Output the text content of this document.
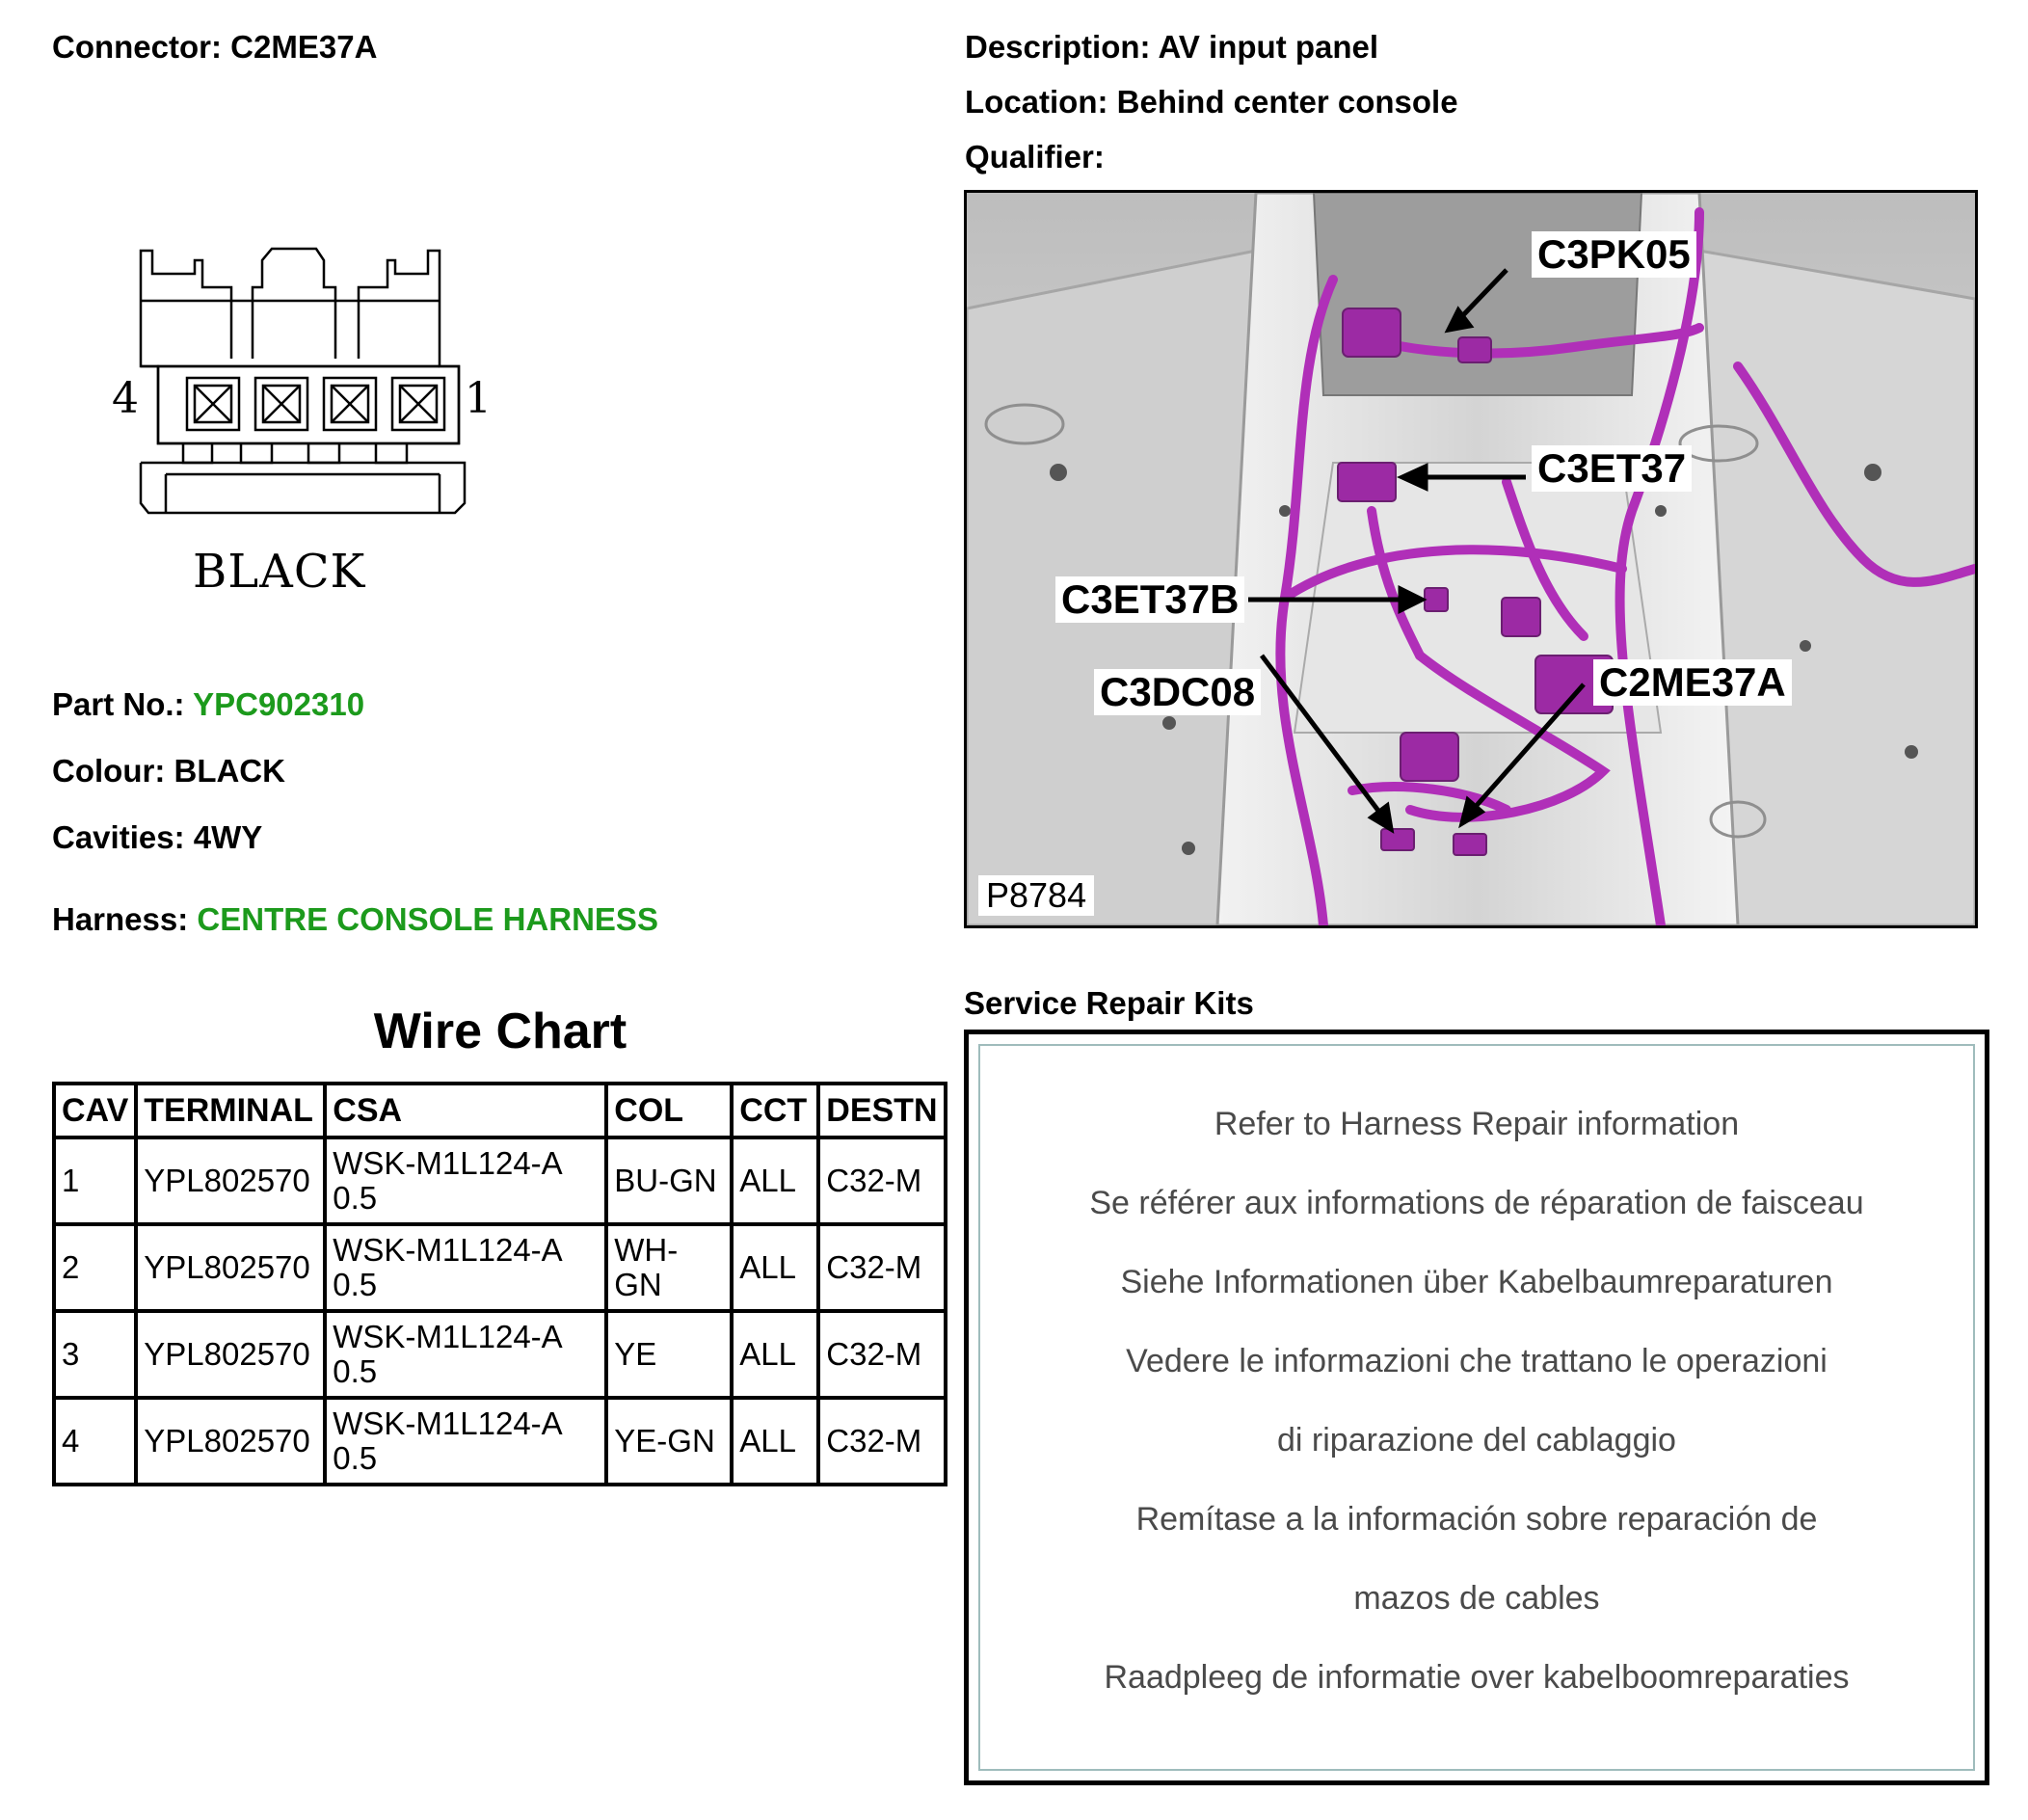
Connector: C2ME37A	Description: AV input panel
Location: Behind center console
Qualifier:
4	1
BLACK
Part No.: YPC902310
Colour: BLACK
Cavities: 4WY
Harness: CENTRE CONSOLE HARNESS
Wire Chart
CAV	TERMINAL	CSA	COL	CCT	DESTN
1	YPL802570	WSK-M1L124-A 0.5	BU-GN	ALL	C32-M
2	YPL802570	WSK-M1L124-A 0.5	WH-GN	ALL	C32-M
3	YPL802570	WSK-M1L124-A 0.5	YE	ALL	C32-M
4	YPL802570	WSK-M1L124-A 0.5	YE-GN	ALL	C32-M
C3PK05
C3ET37
C3ET37B
C3DC08	C2ME37A
P8784
Service Repair Kits
Refer to Harness Repair information
Se référer aux informations de réparation de faisceau
Siehe Informationen über Kabelbaumreparaturen
Vedere le informazioni che trattano le operazioni
di riparazione del cablaggio
Remítase a la información sobre reparación de
mazos de cables
Raadpleeg de informatie over kabelboomreparaties
